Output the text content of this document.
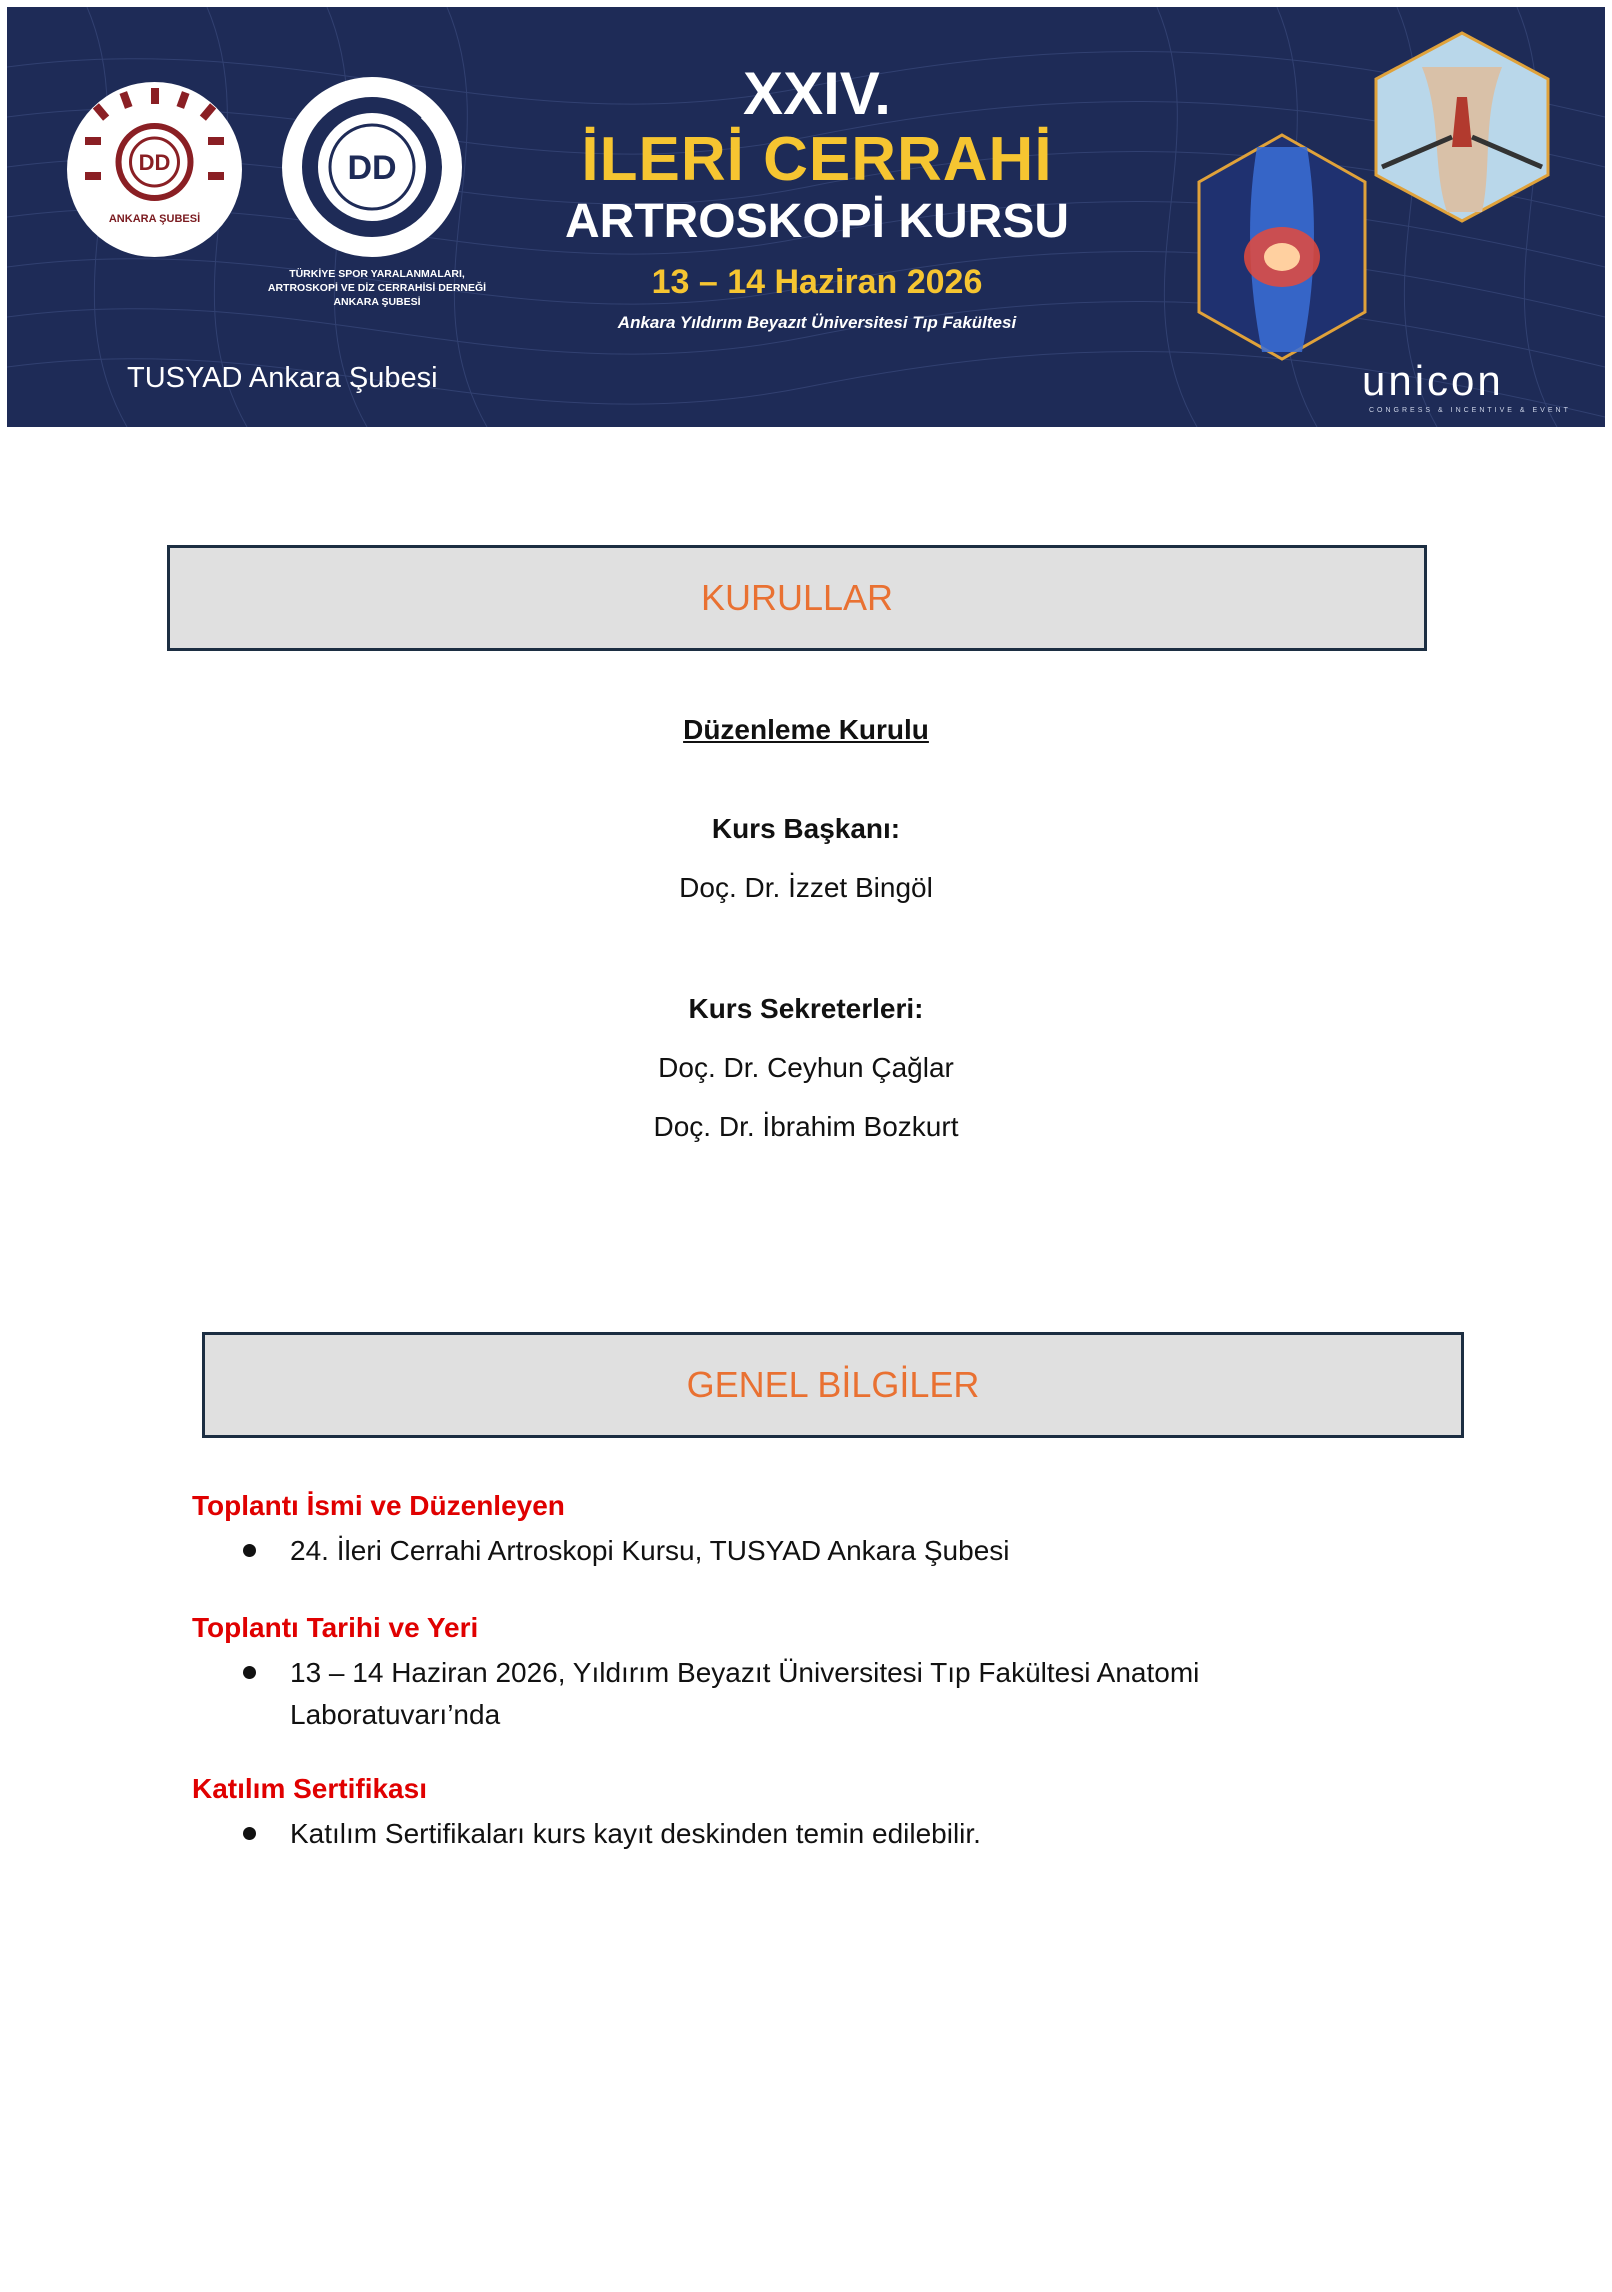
DD
ANKARA ŞUBESİ
DD
TÜRKİYE SPOR YARALANMALARI,
ARTROSKOPİ VE DİZ CERRAHİSİ DERNEĞİ
ANKARA ŞUBESİ
TUSYAD Ankara Şubesi
XXIV.
İLERİ CERRAHİ
ARTROSKOPİ KURSU
13 – 14 Haziran 2026
Ankara Yıldırım Beyazıt Üniversitesi Tıp Fakültesi
unicon
CONGRESS & INCENTIVE & EVENT
KURULLAR
Düzenleme Kurulu
Kurs Başkanı:
Doç. Dr. İzzet Bingöl
Kurs Sekreterleri:
Doç. Dr. Ceyhun Çağlar
Doç. Dr. İbrahim Bozkurt
GENEL BİLGİLER
Toplantı İsmi ve Düzenleyen
24. İleri Cerrahi Artroskopi Kursu, TUSYAD Ankara Şubesi
Toplantı Tarihi ve Yeri
13 – 14 Haziran 2026, Yıldırım Beyazıt Üniversitesi Tıp Fakültesi Anatomi Laboratuvarı’nda
Katılım Sertifikası
Katılım Sertifikaları kurs kayıt deskinden temin edilebilir.
